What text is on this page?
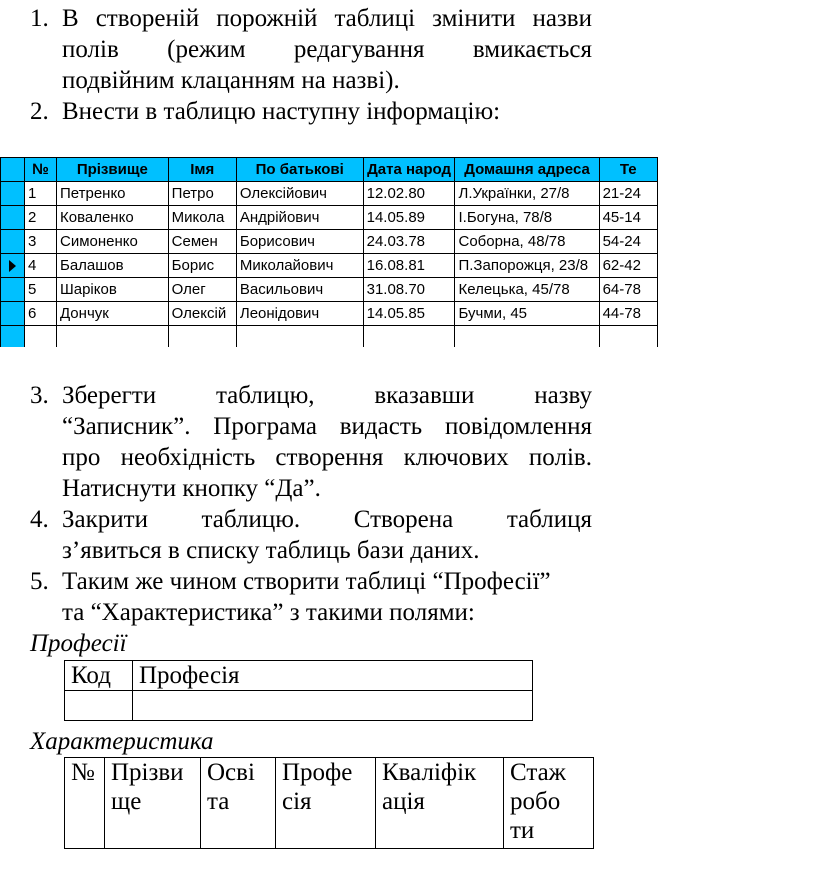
1. В створеній порожній таблиці змінити назви
полів (режим редагування вмикається
подвійним клацанням на назві).
2. Внести в таблицю наступну інформацію:
	№	Прізвище	Імя	По батькові	Дата народ	Домашня адреса	Те
	1	Петренко	Петро	Олексійович	12.02.80	Л.Українки, 27/8	21-24
	2	Коваленко	Микола	Андрійович	14.05.89	І.Богуна, 78/8	45-14
	3	Симоненко	Семен	Борисович	24.03.78	Соборна, 48/78	54-24
	4	Балашов	Борис	Миколайович	16.08.81	П.Запорожця, 23/8	62-42
	5	Шаріков	Олег	Васильович	31.08.70	Келецька, 45/78	64-78
	6	Дончук	Олексій	Леонідович	14.05.85	Бучми, 45	44-78

3. Зберегти таблицю, вказавши назву
“Записник”. Програма видасть повідомлення
про необхідність створення ключових полів.
Натиснути кнопку “Да”.
4. Закрити таблицю. Створена таблиця
з’явиться в списку таблиць бази даних.
5. Таким же чином створити таблиці “Професії”
та “Характеристика” з такими полями:
Професії
Код	Професія

Характеристика
№	Прізви ще	Осві та	Профе сія	Кваліфік ація	Стаж робо ти
